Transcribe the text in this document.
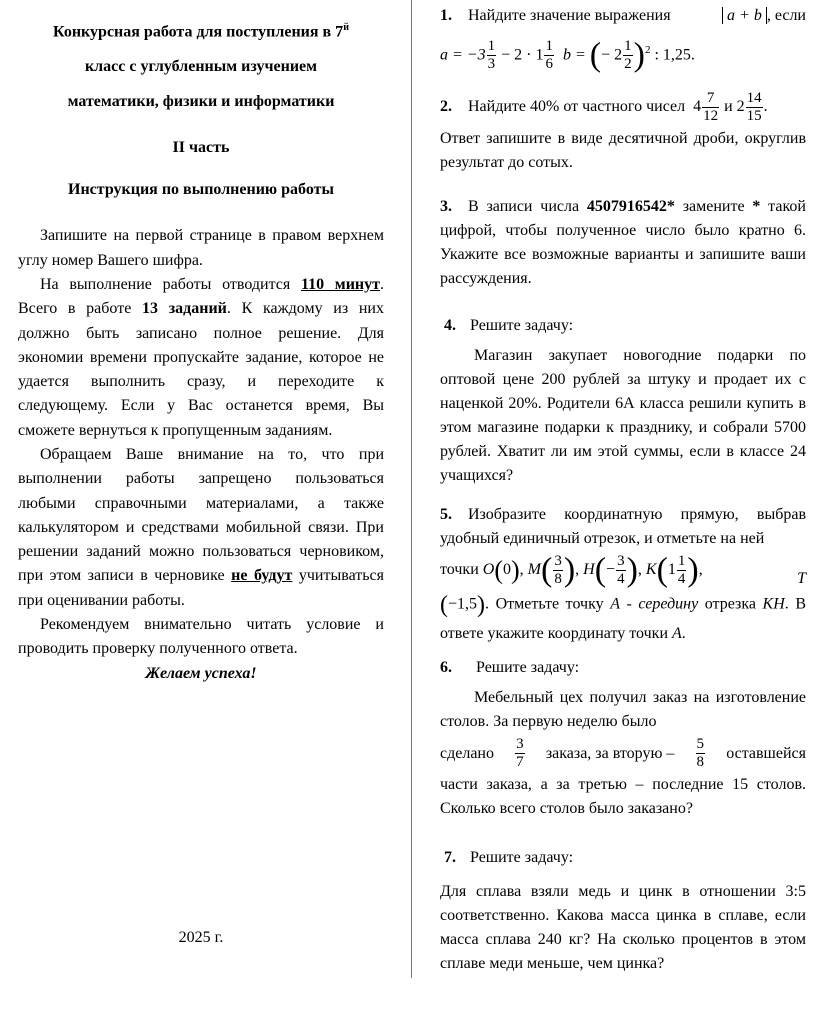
Конкурсная работа для поступления в $7^й$
класс с углубленным изучением
математики, физики и информатики

II часть
Инструкция по выполнению работы

Запишите на первой странице в правом верхнем углу номер Вашего шифра.

На выполнение работы отводится 110 минут. Всего в работе 13 заданий. К каждому из них должно быть записано полное решение. Для экономии времени пропускайте задание, которое не удается выполнить сразу, и переходите к следующему. Если у Вас останется время, Вы сможете вернуться к пропущенным заданиям.

Обращаем Ваше внимание на то, что при выполнении работы запрещено пользоваться любыми справочными материалами, а также калькулятором и средствами мобильной связи. При решении заданий можно пользоваться черновиком, при этом записи в черновике не будут учитываться при оценивании работы.

Рекомендуем внимательно читать условие и проводить проверку полученного ответа.

Желаем успеха!
2025 г.
1. Найдите значение выражения	a + b , если
$a = -3 \frac{1}{3} - 2 \cdot 1 \frac{1}{6}$ b = (− $2 \frac{1}{2} )^2$ : 1,25.
2. Найдите 40% от частного чисел $4 \frac{7}{12}$ и $2 \frac{14}{15}$ .
Ответ запишите в виде десятичной дроби, округлив результат до сотых.
3. В записи числа 4507916542* замените * такой цифрой, чтобы полученное число было кратно 6. Укажите все возможные варианты и запишите ваши рассуждения.
4. Решите задачу:
Магазин закупает новогодние подарки по оптовой цене 200 рублей за штуку и продает их с наценкой 20%. Родители 6А класса решили купить в этом магазине подарки к празднику, и собрали 5700 рублей. Хватит ли им этой суммы, если в классе 24 учащихся?
5. Изобразите координатную прямую, выбрав удобный единичный отрезок, и отметьте на ней
точки O(0), $M( \frac{3}{8}$ ), $H(- \frac{3}{4}$ ), $K(1 \frac{1}{4}$ ),
T
(−1,5). Отметьте точку A - середину отрезка KH. В ответе укажите координату точки A.
6. Решите задачу:
Мебельный цех получил заказ на изготовление столов. За первую неделю было
сделано $\frac{3}{7}$ заказа, за вторую – $\frac{5}{8}$ оставшейся
части заказа, а за третью – последние 15 столов. Сколько всего столов было заказано?
7. Решите задачу:
Для сплава взяли медь и цинк в отношении 3:5 соответственно. Какова масса цинка в сплаве, если масса сплава 240 кг? На сколько процентов в этом сплаве меди меньше, чем цинка?
